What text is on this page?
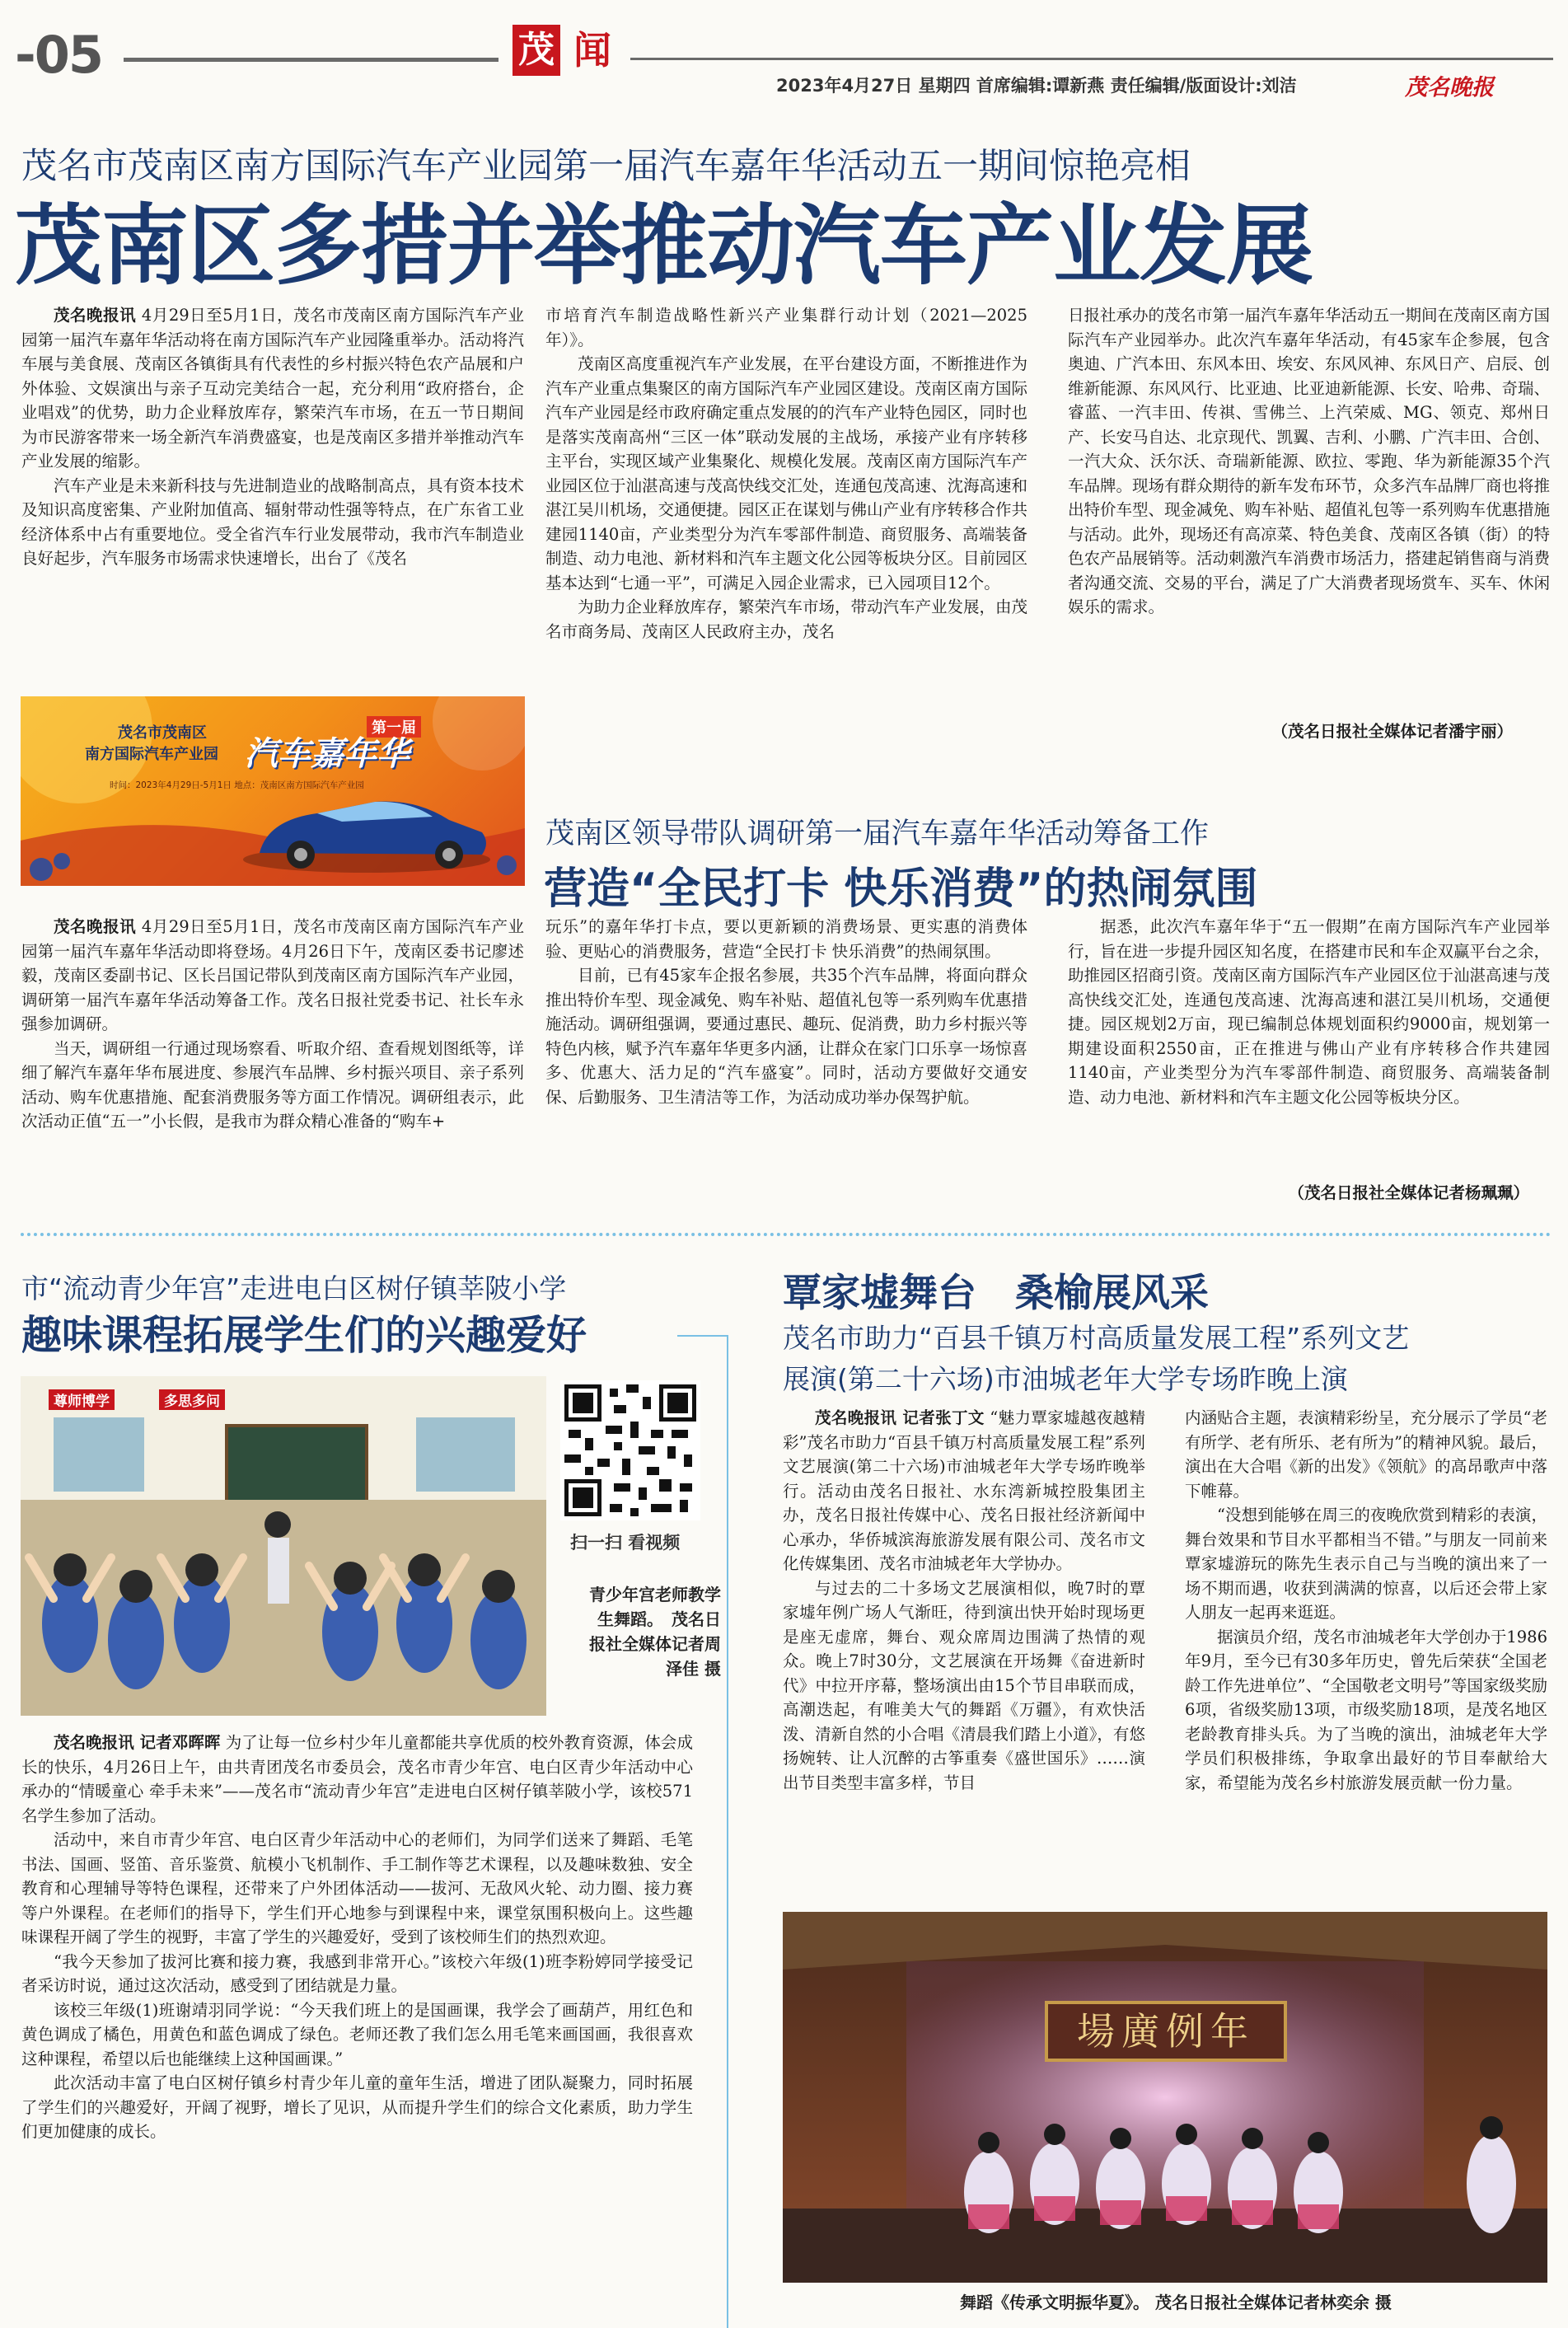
-05	茂 闻
2023年4月27日 星期四 首席编辑:谭新燕 责任编辑/版面设计:刘洁	茂名晚报
茂名市茂南区南方国际汽车产业园第一届汽车嘉年华活动五一期间惊艳亮相
茂南区多措并举推动汽车产业发展

茂名晚报讯 4月29日至5月1日，茂名市茂南区南方国际汽车产业园第一届汽车嘉年华活动将在南方国际汽车产业园隆重举办。活动将汽车展与美食展、茂南区各镇街具有代表性的乡村振兴特色农产品展和户外体验、文娱演出与亲子互动完美结合一起，充分利用“政府搭台，企业唱戏”的优势，助力企业释放库存，繁荣汽车市场，在五一节日期间为市民游客带来一场全新汽车消费盛宴，也是茂南区多措并举推动汽车产业发展的缩影。

汽车产业是未来新科技与先进制造业的战略制高点，具有资本技术及知识高度密集、产业附加值高、辐射带动性强等特点，在广东省工业经济体系中占有重要地位。受全省汽车行业发展带动，我市汽车制造业良好起步，汽车服务市场需求快速增长，出台了《茂名

茂名市茂南区
南方国际汽车产业园
第一届
汽车嘉年华
时间：2023年4月29日-5月1日 地点：茂南区南方国际汽车产业园

市培育汽车制造战略性新兴产业集群行动计划（2021—2025年）》。

茂南区高度重视汽车产业发展，在平台建设方面，不断推进作为汽车产业重点集聚区的南方国际汽车产业园区建设。茂南区南方国际汽车产业园是经市政府确定重点发展的的汽车产业特色园区，同时也是落实茂南高州“三区一体”联动发展的主战场，承接产业有序转移主平台，实现区域产业集聚化、规模化发展。茂南区南方国际汽车产业园区位于汕湛高速与茂高快线交汇处，连通包茂高速、沈海高速和湛江吴川机场，交通便捷。园区正在谋划与佛山产业有序转移合作共建园1140亩，产业类型分为汽车零部件制造、商贸服务、高端装备制造、动力电池、新材料和汽车主题文化公园等板块分区。目前园区基本达到“七通一平”，可满足入园企业需求，已入园项目12个。

为助力企业释放库存，繁荣汽车市场，带动汽车产业发展，由茂名市商务局、茂南区人民政府主办，茂名

日报社承办的茂名市第一届汽车嘉年华活动五一期间在茂南区南方国际汽车产业园举办。此次汽车嘉年华活动，有45家车企参展，包含奥迪、广汽本田、东风本田、埃安、东风风神、东风日产、启辰、创维新能源、东风风行、比亚迪、比亚迪新能源、长安、哈弗、奇瑞、睿蓝、一汽丰田、传祺、雪佛兰、上汽荣威、MG、领克、郑州日产、长安马自达、北京现代、凯翼、吉利、小鹏、广汽丰田、合创、一汽大众、沃尔沃、奇瑞新能源、欧拉、零跑、华为新能源35个汽车品牌。现场有群众期待的新车发布环节，众多汽车品牌厂商也将推出特价车型、现金减免、购车补贴、超值礼包等一系列购车优惠措施与活动。此外，现场还有高凉菜、特色美食、茂南区各镇（街）的特色农产品展销等。活动刺激汽车消费市场活力，搭建起销售商与消费者沟通交流、交易的平台，满足了广大消费者现场赏车、买车、休闲娱乐的需求。

（茂名日报社全媒体记者潘宇丽）
茂南区领导带队调研第一届汽车嘉年华活动筹备工作
营造“全民打卡 快乐消费”的热闹氛围

茂名晚报讯 4月29日至5月1日，茂名市茂南区南方国际汽车产业园第一届汽车嘉年华活动即将登场。4月26日下午，茂南区委书记廖述毅，茂南区委副书记、区长吕国记带队到茂南区南方国际汽车产业园，调研第一届汽车嘉年华活动筹备工作。茂名日报社党委书记、社长车永强参加调研。

当天，调研组一行通过现场察看、听取介绍、查看规划图纸等，详细了解汽车嘉年华布展进度、参展汽车品牌、乡村振兴项目、亲子系列活动、购车优惠措施、配套消费服务等方面工作情况。调研组表示，此次活动正值“五一”小长假，是我市为群众精心准备的“购车+

玩乐”的嘉年华打卡点，要以更新颖的消费场景、更实惠的消费体验、更贴心的消费服务，营造“全民打卡 快乐消费”的热闹氛围。

目前，已有45家车企报名参展，共35个汽车品牌，将面向群众推出特价车型、现金减免、购车补贴、超值礼包等一系列购车优惠措施活动。调研组强调，要通过惠民、趣玩、促消费，助力乡村振兴等特色内核，赋予汽车嘉年华更多内涵，让群众在家门口乐享一场惊喜多、优惠大、活力足的“汽车盛宴”。同时，活动方要做好交通安保、后勤服务、卫生清洁等工作，为活动成功举办保驾护航。

据悉，此次汽车嘉年华于“五一假期”在南方国际汽车产业园举行，旨在进一步提升园区知名度，在搭建市民和车企双赢平台之余，助推园区招商引资。茂南区南方国际汽车产业园区位于汕湛高速与茂高快线交汇处，连通包茂高速、沈海高速和湛江吴川机场，交通便捷。园区规划2万亩，现已编制总体规划面积约9000亩，规划第一期建设面积2550亩，正在推进与佛山产业有序转移合作共建园1140亩，产业类型分为汽车零部件制造、商贸服务、高端装备制造、动力电池、新材料和汽车主题文化公园等板块分区。

（茂名日报社全媒体记者杨珮珮）
市“流动青少年宫”走进电白区树仔镇莘陂小学
趣味课程拓展学生们的兴趣爱好
尊师博学	多思多问
扫一扫 看视频
青少年宫老师教学生舞蹈。　茂名日报社全媒体记者周泽佳 摄

茂名晚报讯 记者邓晖晖 为了让每一位乡村少年儿童都能共享优质的校外教育资源，体会成长的快乐，4月26日上午，由共青团茂名市委员会，茂名市青少年宫、电白区青少年活动中心承办的“情暖童心 牵手未来”——茂名市“流动青少年宫”走进电白区树仔镇莘陂小学，该校571名学生参加了活动。

活动中，来自市青少年宫、电白区青少年活动中心的老师们，为同学们送来了舞蹈、毛笔书法、国画、竖笛、音乐鉴赏、航模小飞机制作、手工制作等艺术课程，以及趣味数独、安全教育和心理辅导等特色课程，还带来了户外团体活动——拔河、无敌风火轮、动力圈、接力赛等户外课程。在老师们的指导下，学生们开心地参与到课程中来，课堂氛围积极向上。这些趣味课程开阔了学生的视野，丰富了学生的兴趣爱好，受到了该校师生们的热烈欢迎。

“我今天参加了拔河比赛和接力赛，我感到非常开心。”该校六年级(1)班李粉婷同学接受记者采访时说，通过这次活动，感受到了团结就是力量。

该校三年级(1)班谢靖羽同学说：“今天我们班上的是国画课，我学会了画葫芦，用红色和黄色调成了橘色，用黄色和蓝色调成了绿色。老师还教了我们怎么用毛笔来画国画，我很喜欢这种课程，希望以后也能继续上这种国画课。”

此次活动丰富了电白区树仔镇乡村青少年儿童的童年生活，增进了团队凝聚力，同时拓展了学生们的兴趣爱好，开阔了视野，增长了见识，从而提升学生们的综合文化素质，助力学生们更加健康的成长。

覃家墟舞台　桑榆展风采
茂名市助力“百县千镇万村高质量发展工程”系列文艺
展演(第二十六场)市油城老年大学专场昨晚上演

茂名晚报讯 记者张丁文 “魅力覃家墟越夜越精彩”茂名市助力“百县千镇万村高质量发展工程”系列文艺展演(第二十六场)市油城老年大学专场昨晚举行。活动由茂名日报社、水东湾新城控股集团主办，茂名日报社传媒中心、茂名日报社经济新闻中心承办，华侨城滨海旅游发展有限公司、茂名市文化传媒集团、茂名市油城老年大学协办。

与过去的二十多场文艺展演相似，晚7时的覃家墟年例广场人气渐旺，待到演出快开始时现场更是座无虚席，舞台、观众席周边围满了热情的观众。晚上7时30分，文艺展演在开场舞《奋进新时代》中拉开序幕，整场演出由15个节目串联而成，高潮迭起，有唯美大气的舞蹈《万疆》，有欢快活泼、清新自然的小合唱《清晨我们踏上小道》，有悠扬婉转、让人沉醉的古筝重奏《盛世国乐》……演出节目类型丰富多样，节目

内涵贴合主题，表演精彩纷呈，充分展示了学员“老有所学、老有所乐、老有所为”的精神风貌。最后，演出在大合唱《新的出发》《领航》的高昂歌声中落下帷幕。

“没想到能够在周三的夜晚欣赏到精彩的表演，舞台效果和节目水平都相当不错。”与朋友一同前来覃家墟游玩的陈先生表示自己与当晚的演出来了一场不期而遇，收获到满满的惊喜，以后还会带上家人朋友一起再来逛逛。

据演员介绍，茂名市油城老年大学创办于1986年9月，至今已有30多年历史，曾先后荣获“全国老龄工作先进单位”、“全国敬老文明号”等国家级奖励6项，省级奖励13项，市级奖励18项，是茂名地区老龄教育排头兵。为了当晚的演出，油城老年大学学员们积极排练，争取拿出最好的节目奉献给大家，希望能为茂名乡村旅游发展贡献一份力量。

場廣例年
舞蹈《传承文明振华夏》。 茂名日报社全媒体记者林奕余 摄
